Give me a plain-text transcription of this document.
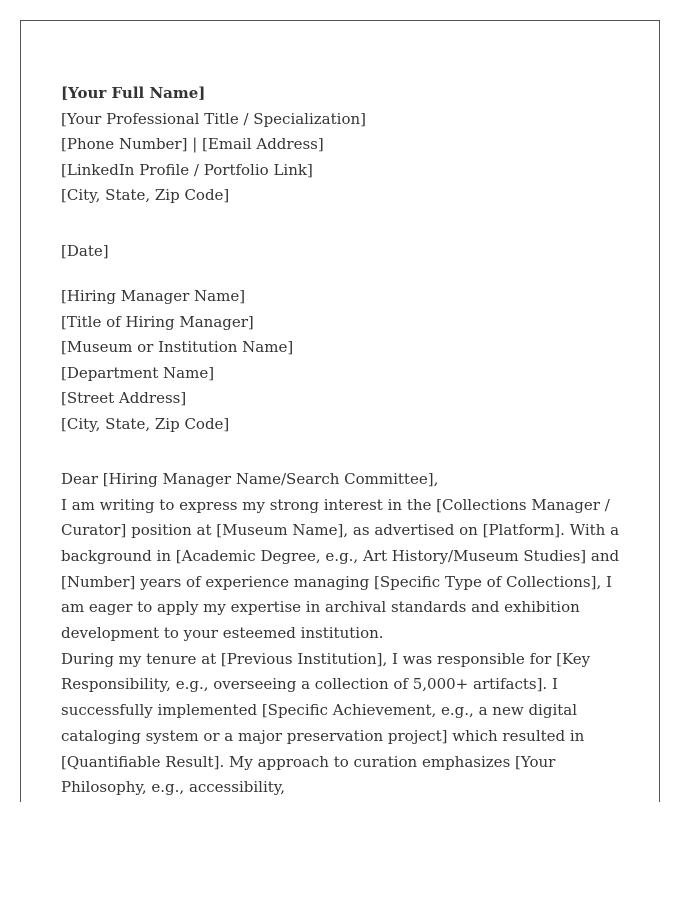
[Your Full Name]
[Your Professional Title / Specialization]
[Phone Number] | [Email Address]
[LinkedIn Profile / Portfolio Link]
[City, State, Zip Code]
[Date]
[Hiring Manager Name]
[Title of Hiring Manager]
[Museum or Institution Name]
[Department Name]
[Street Address]
[City, State, Zip Code]
Dear [Hiring Manager Name/Search Committee],

I am writing to express my strong interest in the [Collections Manager / Curator] position at [Museum Name], as advertised on [Platform]. With a background in [Academic Degree, e.g., Art History/Museum Studies] and [Number] years of experience managing [Specific Type of Collections], I am eager to apply my expertise in archival standards and exhibition development to your esteemed institution.

During my tenure at [Previous Institution], I was responsible for [Key Responsibility, e.g., overseeing a collection of 5,000+ artifacts]. I successfully implemented [Specific Achievement, e.g., a new digital cataloging system or a major preservation project] which resulted in [Quantifiable Result]. My approach to curation emphasizes [Your Philosophy, e.g., accessibility,
